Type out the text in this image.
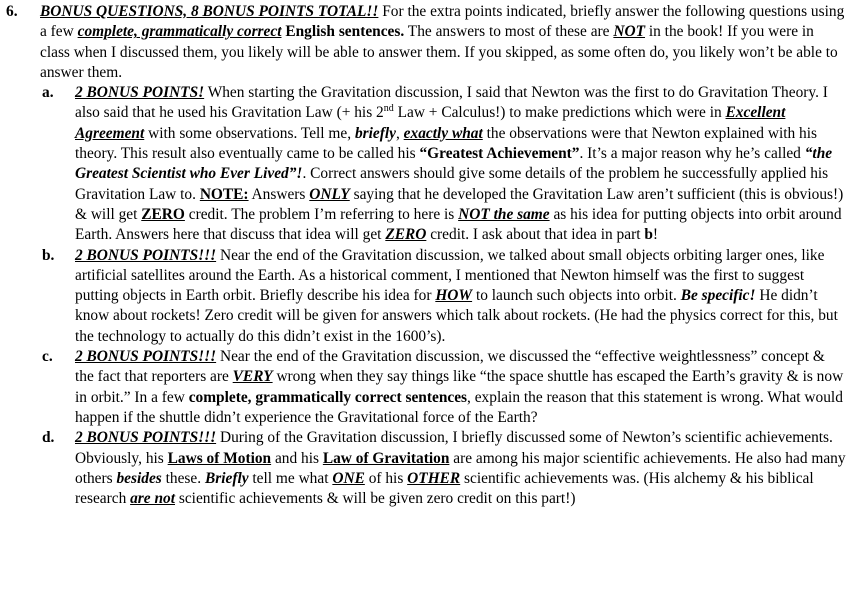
6. BONUS QUESTIONS, 8 BONUS POINTS TOTAL!! For the extra points indicated, briefly answer the following questions using a few complete, grammatically correct English sentences. The answers to most of these are NOT in the book! If you were in class when I discussed them, you likely will be able to answer them. If you skipped, as some often do, you likely won’t be able to answer them.

a. 2 BONUS POINTS! When starting the Gravitation discussion, I said that Newton was the first to do Gravitation Theory. I also said that he used his Gravitation Law (+ his 2nd Law + Calculus!) to make predictions which were in Excellent Agreement with some observations. Tell me, briefly, exactly what the observations were that Newton explained with his theory. This result also eventually came to be called his “Greatest Achievement”. It’s a major reason why he’s called “the Greatest Scientist who Ever Lived”!. Correct answers should give some details of the problem he successfully applied his Gravitation Law to. NOTE: Answers ONLY saying that he developed the Gravitation Law aren’t sufficient (this is obvious!) & will get ZERO credit. The problem I’m referring to here is NOT the same as his idea for putting objects into orbit around Earth. Answers here that discuss that idea will get ZERO credit. I ask about that idea in part b!

b. 2 BONUS POINTS!!! Near the end of the Gravitation discussion, we talked about small objects orbiting larger ones, like artificial satellites around the Earth. As a historical comment, I mentioned that Newton himself was the first to suggest putting objects in Earth orbit. Briefly describe his idea for HOW to launch such objects into orbit. Be specific! He didn’t know about rockets! Zero credit will be given for answers which talk about rockets. (He had the physics correct for this, but the technology to actually do this didn’t exist in the 1600’s).

c. 2 BONUS POINTS!!! Near the end of the Gravitation discussion, we discussed the “effective weightlessness” concept & the fact that reporters are VERY wrong when they say things like “the space shuttle has escaped the Earth’s gravity & is now in orbit.” In a few complete, grammatically correct sentences, explain the reason that this statement is wrong. What would happen if the shuttle didn’t experience the Gravitational force of the Earth?

d. 2 BONUS POINTS!!! During of the Gravitation discussion, I briefly discussed some of Newton’s scientific achievements. Obviously, his Laws of Motion and his Law of Gravitation are among his major scientific achievements. He also had many others besides these. Briefly tell me what ONE of his OTHER scientific achievements was. (His alchemy & his biblical research are not scientific achievements & will be given zero credit on this part!)
